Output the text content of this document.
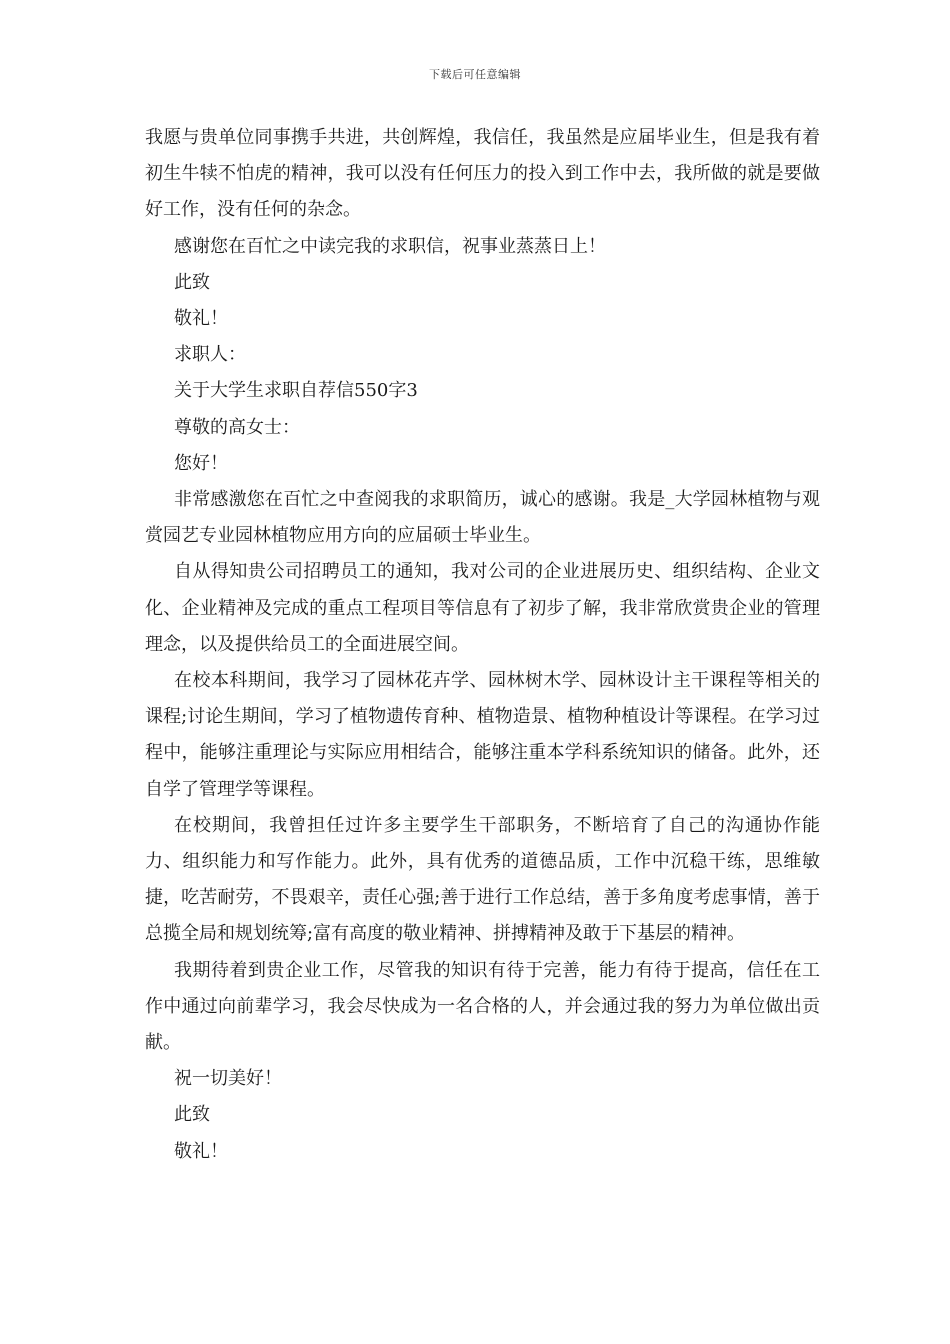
下载后可任意编辑

我愿与贵单位同事携手共进，共创辉煌，我信任，我虽然是应届毕业生，但是我有着初生牛犊不怕虎的精神，我可以没有任何压力的投入到工作中去，我所做的就是要做好工作，没有任何的杂念。

感谢您在百忙之中读完我的求职信，祝事业蒸蒸日上！

此致

敬礼！

求职人：

关于大学生求职自荐信550字3

尊敬的高女士：

您好！

非常感激您在百忙之中查阅我的求职简历，诚心的感谢。我是_大学园林植物与观赏园艺专业园林植物应用方向的应届硕士毕业生。

自从得知贵公司招聘员工的通知，我对公司的企业进展历史、组织结构、企业文化、企业精神及完成的重点工程项目等信息有了初步了解，我非常欣赏贵企业的管理理念，以及提供给员工的全面进展空间。

在校本科期间，我学习了园林花卉学、园林树木学、园林设计主干课程等相关的课程;讨论生期间，学习了植物遗传育种、植物造景、植物种植设计等课程。在学习过程中，能够注重理论与实际应用相结合，能够注重本学科系统知识的储备。此外，还自学了管理学等课程。

在校期间，我曾担任过许多主要学生干部职务，不断培育了自己的沟通协作能力、组织能力和写作能力。此外，具有优秀的道德品质，工作中沉稳干练，思维敏捷，吃苦耐劳，不畏艰辛，责任心强;善于进行工作总结，善于多角度考虑事情，善于总揽全局和规划统筹;富有高度的敬业精神、拼搏精神及敢于下基层的精神。

我期待着到贵企业工作，尽管我的知识有待于完善，能力有待于提高，信任在工作中通过向前辈学习，我会尽快成为一名合格的人，并会通过我的努力为单位做出贡献。

祝一切美好！

此致

敬礼！
